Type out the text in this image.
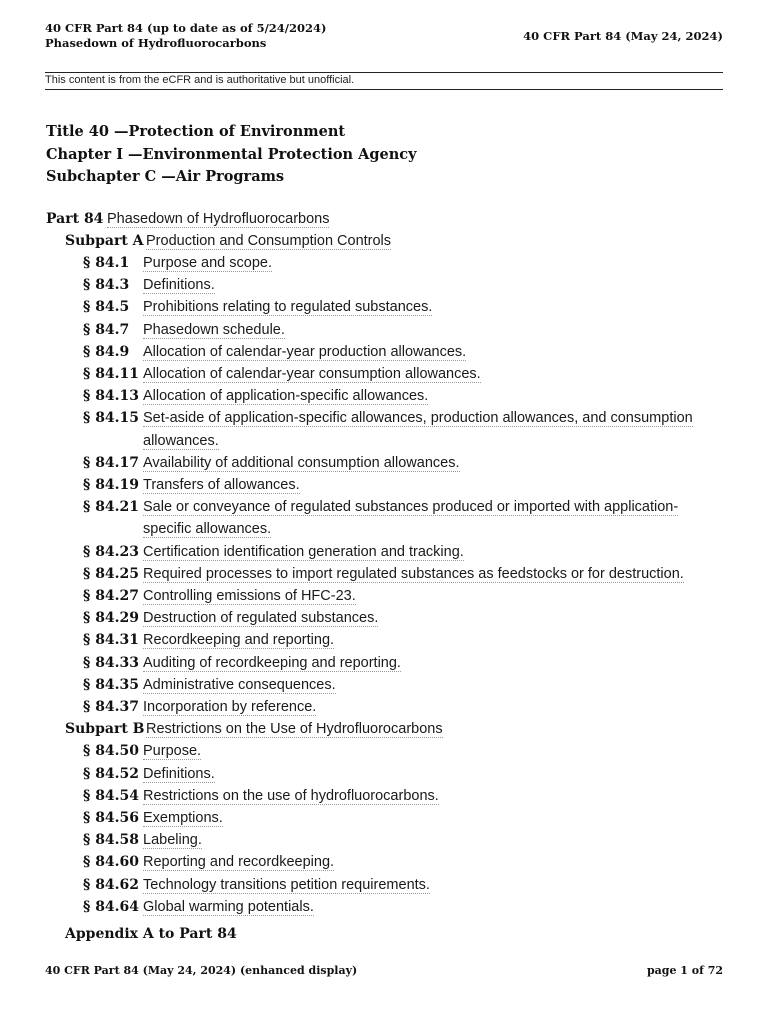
40 CFR Part 84 (up to date as of 5/24/2024)
Phasedown of Hydrofluorocarbons	40 CFR Part 84 (May 24, 2024)
This content is from the eCFR and is authoritative but unofficial.
Title 40 —Protection of Environment
Chapter I —Environmental Protection Agency
Subchapter C —Air Programs
Part 84 Phasedown of Hydrofluorocarbons
Subpart A Production and Consumption Controls
§ 84.1 Purpose and scope.
§ 84.3 Definitions.
§ 84.5 Prohibitions relating to regulated substances.
§ 84.7 Phasedown schedule.
§ 84.9 Allocation of calendar-year production allowances.
§ 84.11 Allocation of calendar-year consumption allowances.
§ 84.13 Allocation of application-specific allowances.
§ 84.15 Set-aside of application-specific allowances, production allowances, and consumption allowances.
§ 84.17 Availability of additional consumption allowances.
§ 84.19 Transfers of allowances.
§ 84.21 Sale or conveyance of regulated substances produced or imported with application-specific allowances.
§ 84.23 Certification identification generation and tracking.
§ 84.25 Required processes to import regulated substances as feedstocks or for destruction.
§ 84.27 Controlling emissions of HFC-23.
§ 84.29 Destruction of regulated substances.
§ 84.31 Recordkeeping and reporting.
§ 84.33 Auditing of recordkeeping and reporting.
§ 84.35 Administrative consequences.
§ 84.37 Incorporation by reference.
Subpart B Restrictions on the Use of Hydrofluorocarbons
§ 84.50 Purpose.
§ 84.52 Definitions.
§ 84.54 Restrictions on the use of hydrofluorocarbons.
§ 84.56 Exemptions.
§ 84.58 Labeling.
§ 84.60 Reporting and recordkeeping.
§ 84.62 Technology transitions petition requirements.
§ 84.64 Global warming potentials.
Appendix A to Part 84
40 CFR Part 84 (May 24, 2024) (enhanced display)	page 1 of 72
